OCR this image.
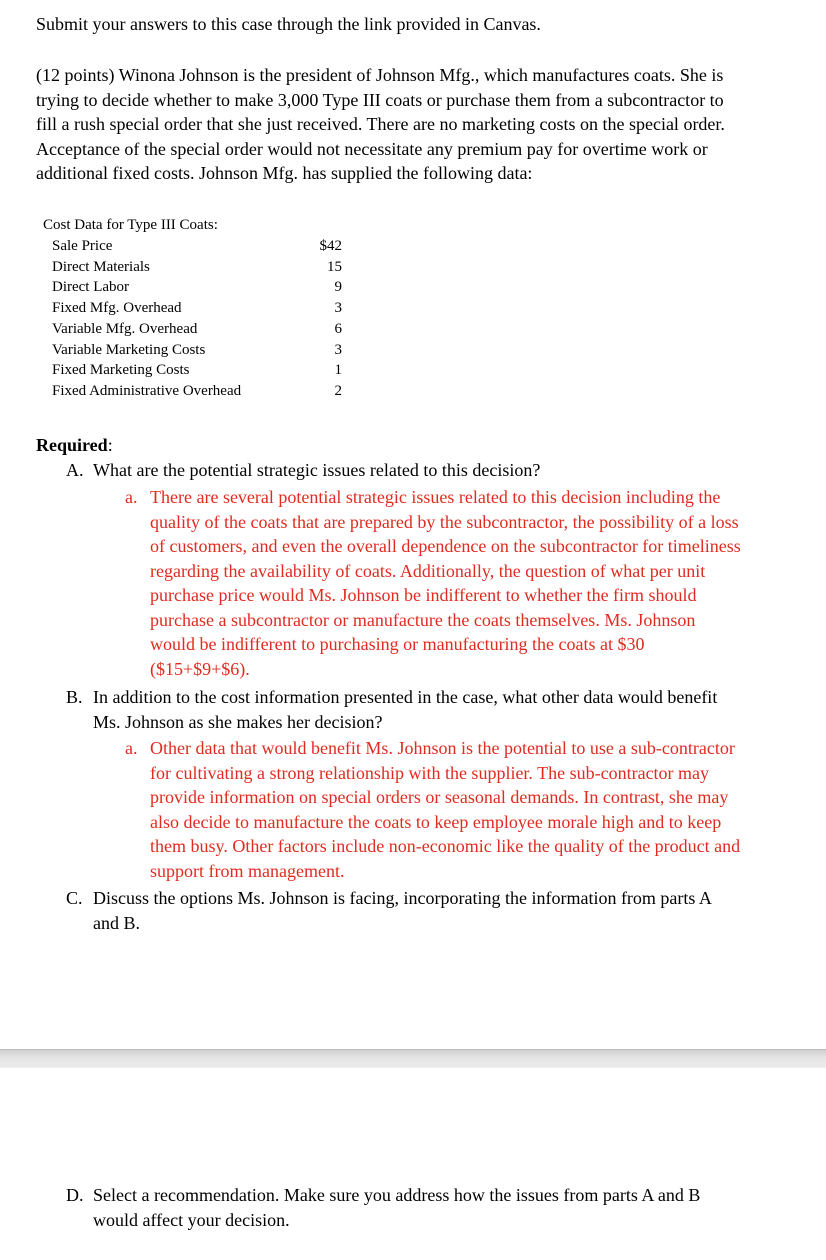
Submit your answers to this case through the link provided in Canvas.
(12 points) Winona Johnson is the president of Johnson Mfg., which manufactures coats. She is
trying to decide whether to make 3,000 Type III coats or purchase them from a subcontractor to
fill a rush special order that she just received. There are no marketing costs on the special order.
Acceptance of the special order would not necessitate any premium pay for overtime work or
additional fixed costs. Johnson Mfg. has supplied the following data:
Cost Data for Type III Coats:
Sale Price
Direct Materials
Direct Labor
Fixed Mfg. Overhead
Variable Mfg. Overhead
Variable Marketing Costs
Fixed Marketing Costs
Fixed Administrative Overhead
$42
15
9
3
6
3
1
2
Required:
A. What are the potential strategic issues related to this decision?
a. There are several potential strategic issues related to this decision including the
quality of the coats that are prepared by the subcontractor, the possibility of a loss
of customers, and even the overall dependence on the subcontractor for timeliness
regarding the availability of coats. Additionally, the question of what per unit
purchase price would Ms. Johnson be indifferent to whether the firm should
purchase a subcontractor or manufacture the coats themselves. Ms. Johnson
would be indifferent to purchasing or manufacturing the coats at $30
($15+$9+$6).
B. In addition to the cost information presented in the case, what other data would benefit
Ms. Johnson as she makes her decision?
a. Other data that would benefit Ms. Johnson is the potential to use a sub-contractor
for cultivating a strong relationship with the supplier. The sub-contractor may
provide information on special orders or seasonal demands. In contrast, she may
also decide to manufacture the coats to keep employee morale high and to keep
them busy. Other factors include non-economic like the quality of the product and
support from management.
C. Discuss the options Ms. Johnson is facing, incorporating the information from parts A
and B.
D. Select a recommendation. Make sure you address how the issues from parts A and B
would affect your decision.
